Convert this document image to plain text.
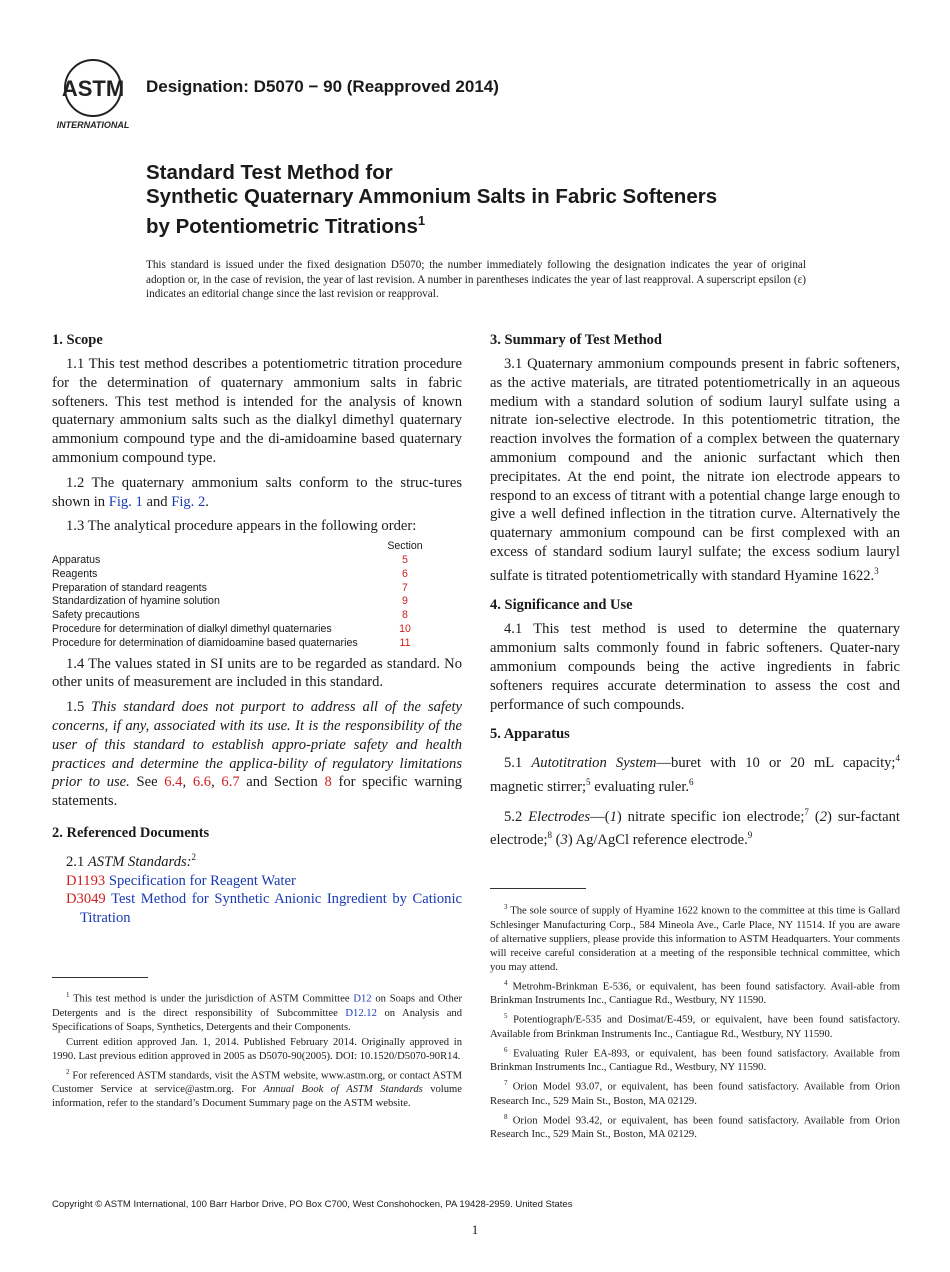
ASTM
INTERNATIONAL
Designation: D5070 − 90 (Reapproved 2014)
Standard Test Method for
Synthetic Quaternary Ammonium Salts in Fabric Softeners
by Potentiometric Titrations$^1$
This standard is issued under the fixed designation D5070; the number immediately following the designation indicates the year of original adoption or, in the case of revision, the year of last revision. A number in parentheses indicates the year of last reapproval. A superscript epsilon (ε) indicates an editorial change since the last revision or reapproval.
1. Scope

1.1 This test method describes a potentiometric titration procedure for the determination of quaternary ammonium salts in fabric softeners. This test method is intended for the analysis of known quaternary ammonium salts such as the dialkyl dimethyl quaternary ammonium compound type and the di-amidoamine based quaternary ammonium compound type.

1.2 The quaternary ammonium salts conform to the struc-tures shown in Fig. 1 and Fig. 2.

1.3 The analytical procedure appears in the following order:

	Section
Apparatus	5
Reagents	6
Preparation of standard reagents	7
Standardization of hyamine solution	9
Safety precautions	8
Procedure for determination of dialkyl dimethyl quaternaries	10
Procedure for determination of diamidoamine based quaternaries	11

1.4 The values stated in SI units are to be regarded as standard. No other units of measurement are included in this standard.

1.5 This standard does not purport to address all of the safety concerns, if any, associated with its use. It is the responsibility of the user of this standard to establish appro-priate safety and health practices and determine the applica-bility of regulatory limitations prior to use. See 6.4, 6.6, 6.7 and Section 8 for specific warning statements.

2. Referenced Documents

2.1 ASTM Standards:$^2$

D1193 Specification for Reagent Water
D3049 Test Method for Synthetic Anionic Ingredient by Cationic Titration
3. Summary of Test Method

3.1 Quaternary ammonium compounds present in fabric softeners, as the active materials, are titrated potentiometrically in an aqueous medium with a standard solution of sodium lauryl sulfate using a nitrate ion-selective electrode. In this potentiometric titration, the reaction involves the formation of a complex between the quaternary ammonium compound and the anionic surfactant which then precipitates. At the end point, the nitrate ion electrode appears to respond to an excess of titrant with a potential change large enough to give a well defined inflection in the titration curve. Alternatively the quaternary ammonium compound can be first complexed with an excess of standard sodium lauryl sulfate; the excess sodium lauryl sulfate is titrated potentiometrically with standard Hyamine 1622.$^3$

4. Significance and Use

4.1 This test method is used to determine the quaternary ammonium salts commonly found in fabric softeners. Quater-nary ammonium compounds being the active ingredients in fabric softeners requires accurate determination to assess the cost and performance of such compounds.

5. Apparatus

5.1 Autotitration System—buret with 10 or 20 mL capacity;$^4$ magnetic stirrer;$^5$ evaluating ruler.$^6$

5.2 Electrodes—(1) nitrate specific ion electrode;$^7$ (2) sur-factant electrode;$^8$ (3) Ag/AgCl reference electrode.$^9$

$^1$ This test method is under the jurisdiction of ASTM Committee D12 on Soaps and Other Detergents and is the direct responsibility of Subcommittee D12.12 on Analysis and Specifications of Soaps, Synthetics, Detergents and their Components.
Current edition approved Jan. 1, 2014. Published February 2014. Originally approved in 1990. Last previous edition approved in 2005 as D5070-90(2005). DOI: 10.1520/D5070-90R14.
$^2$ For referenced ASTM standards, visit the ASTM website, www.astm.org, or contact ASTM Customer Service at service@astm.org. For Annual Book of ASTM Standards volume information, refer to the standard’s Document Summary page on the ASTM website.
$^3$ The sole source of supply of Hyamine 1622 known to the committee at this time is Gallard Schlesinger Manufacturing Corp., 584 Mineola Ave., Carle Place, NY 11514. If you are aware of alternative suppliers, please provide this information to ASTM Headquarters. Your comments will receive careful consideration at a meeting of the responsible technical committee, which you may attend.
$^4$ Metrohm-Brinkman E-536, or equivalent, has been found satisfactory. Avail-able from Brinkman Instruments Inc., Cantiague Rd., Westbury, NY 11590.
$^5$ Potentiograph/E-535 and Dosimat/E-459, or equivalent, have been found satisfactory. Available from Brinkman Instruments Inc., Cantiague Rd., Westbury, NY 11590.
$^6$ Evaluating Ruler EA-893, or equivalent, has been found satisfactory. Available from Brinkman Instruments Inc., Cantiague Rd., Westbury, NY 11590.
$^7$ Orion Model 93.07, or equivalent, has been found satisfactory. Available from Orion Research Inc., 529 Main St., Boston, MA 02129.
$^8$ Orion Model 93.42, or equivalent, has been found satisfactory. Available from Orion Research Inc., 529 Main St., Boston, MA 02129.
Copyright © ASTM International, 100 Barr Harbor Drive, PO Box C700, West Conshohocken, PA 19428-2959. United States
1
